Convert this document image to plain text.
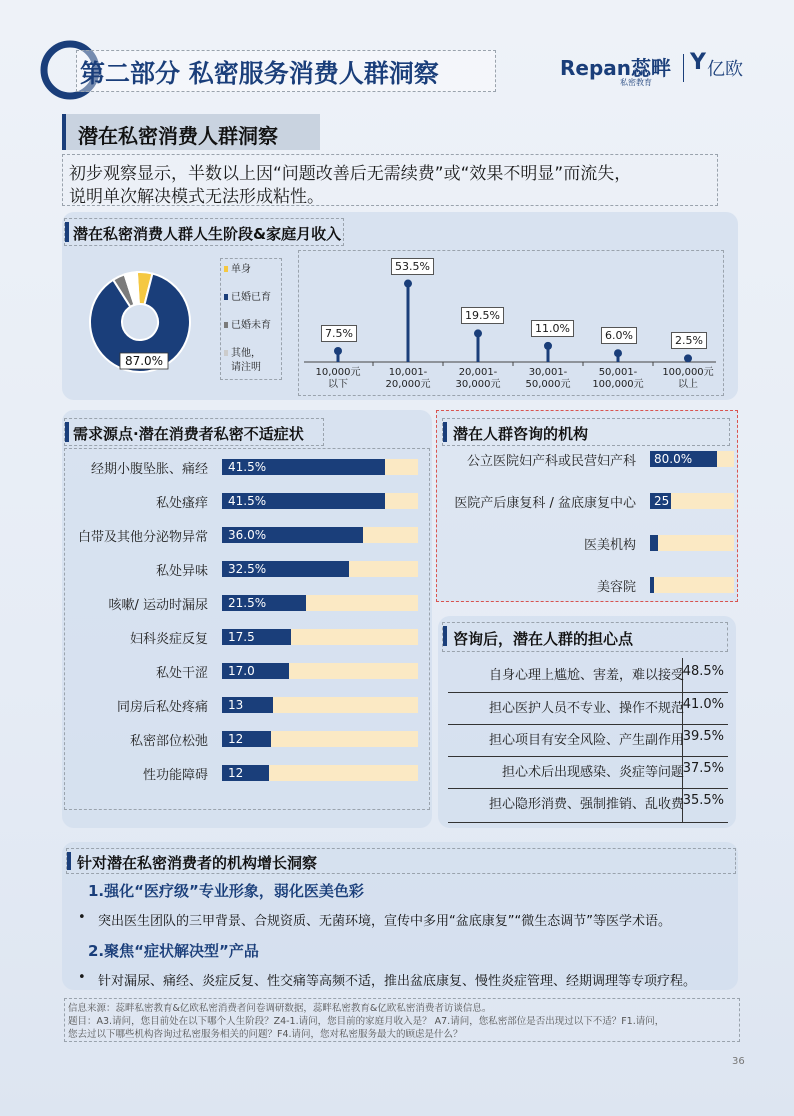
第二部分 私密服务消费人群洞察	Repan蕊畔
私密教育
Y 亿欧
潜在私密消费人群洞察
初步观察显示，半数以上因“问题改善后无需续费”或“效果不明显”而流失，
说明单次解决模式无法形成粘性。
潜在私密消费人群人生阶段&家庭月收入
87.0%
单身
已婚已育
已婚未育
其他，
请注明
7.5%
10,000元
以下
53.5%
10,001-
20,000元
19.5%
20,001-
30,000元
11.0%
30,001-
50,000元
6.0%
50,001-
100,000元
2.5%
100,000元
以上
需求源点·潜在消费者私密不适症状
经期小腹坠胀、痛经 41.5%
私处瘙痒 41.5%
白带及其他分泌物异常 36.0%
私处异味 32.5%
咳嗽/ 运动时漏尿 21.5%
妇科炎症反复 17.5
私处干涩 17.0
同房后私处疼痛 13
私密部位松弛 12
性功能障碍 12
潜在人群咨询的机构
公立医院妇产科或民营妇产科 80.0%
医院产后康复科 / 盆底康复中心 25
医美机构
美容院
咨询后，潜在人群的担心点
自身心理上尴尬、害羞，难以接受
48.5%
担心医护人员不专业、操作不规范
41.0%
担心项目有安全风险、产生副作用
39.5%
担心术后出现感染、炎症等问题
37.5%
担心隐形消费、强制推销、乱收费
35.5%
针对潜在私密消费者的机构增长洞察
1.强化“医疗级”专业形象，弱化医美色彩
• 突出医生团队的三甲背景、合规资质、无菌环境，宣传中多用“盆底康复”“微生态调节”等医学术语。
2.聚焦“症状解决型”产品
• 针对漏尿、痛经、炎症反复、性交痛等高频不适，推出盆底康复、慢性炎症管理、经期调理等专项疗程。
信息来源：蕊畔私密教育&亿欧私密消费者问卷调研数据，蕊畔私密教育&亿欧私密消费者访谈信息。
题目：A3.请问，您目前处在以下哪个人生阶段？Z4-1.请问，您目前的家庭月收入是？ A7.请问，您私密部位是否出现过以下不适？F1.请问，
您去过以下哪些机构咨询过私密服务相关的问题？F4.请问，您对私密服务最大的顾虑是什么？
36
